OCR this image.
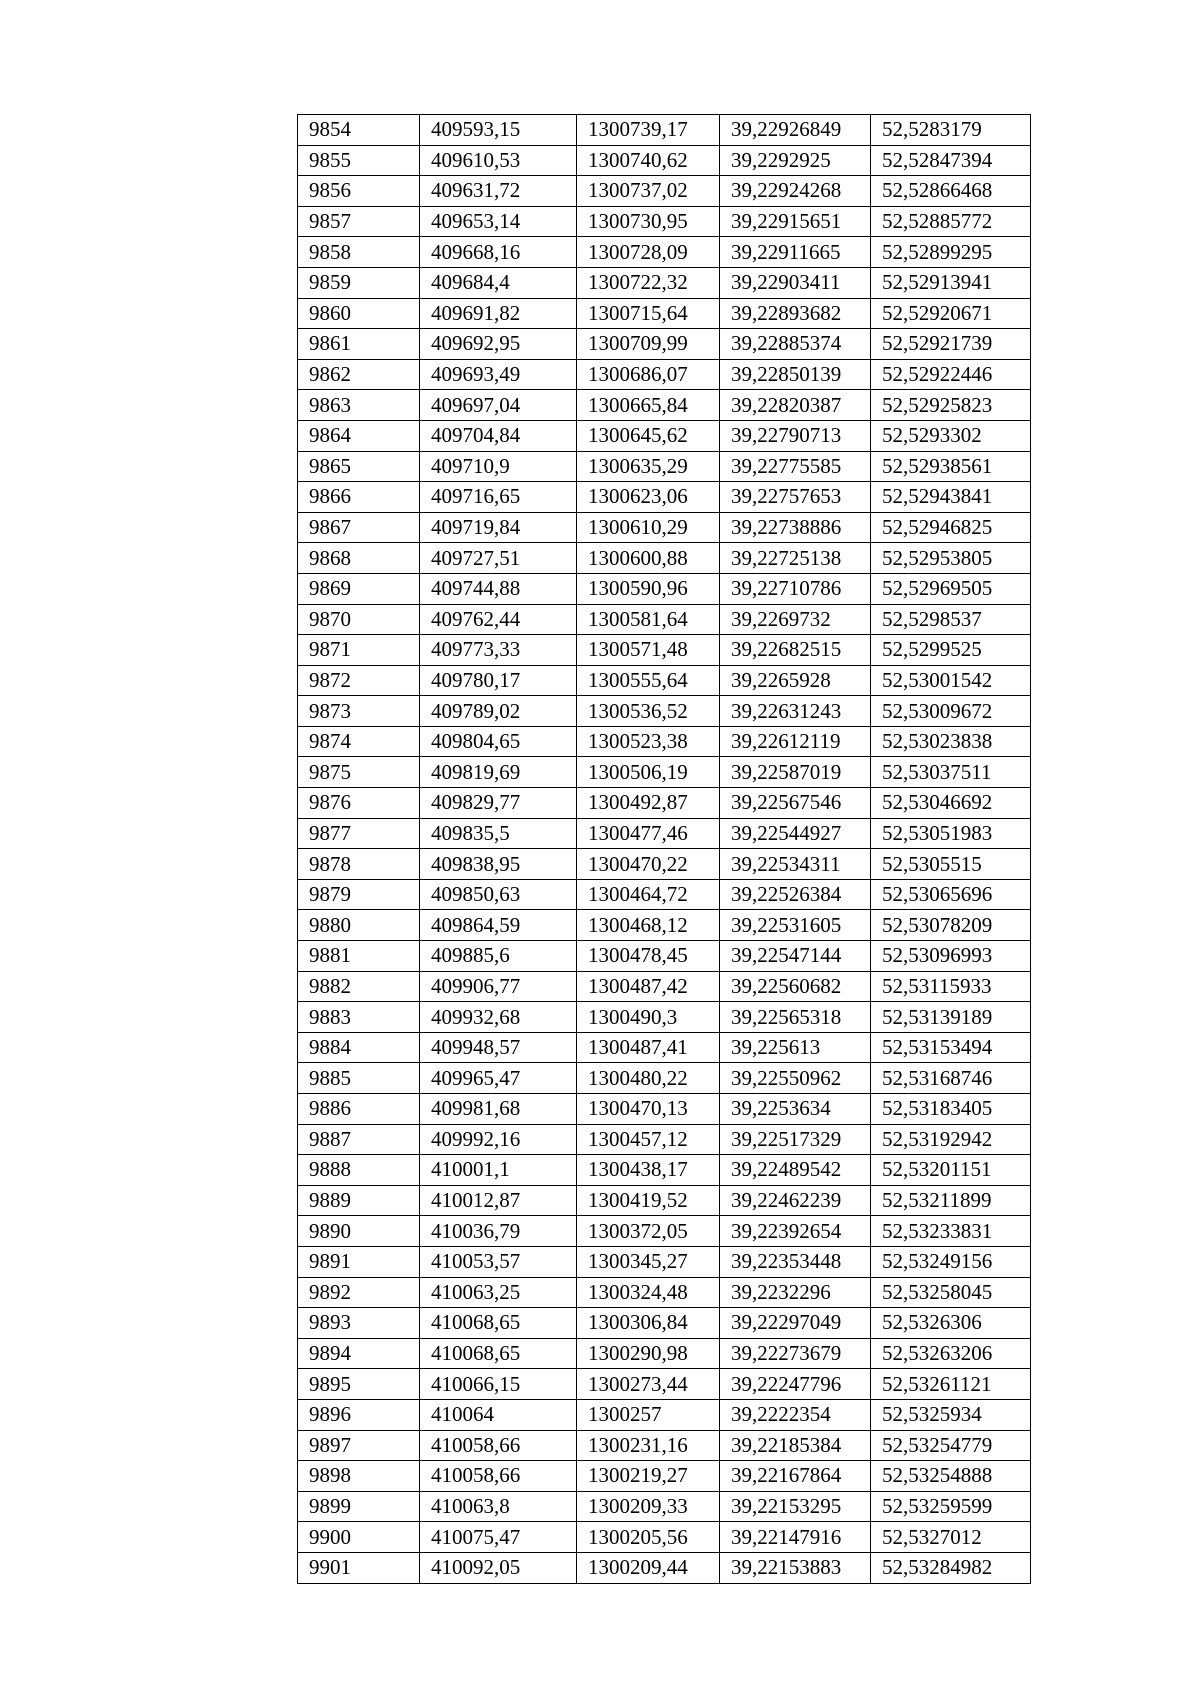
9854	409593,15	1300739,17	39,22926849	52,5283179
9855	409610,53	1300740,62	39,2292925	52,52847394
9856	409631,72	1300737,02	39,22924268	52,52866468
9857	409653,14	1300730,95	39,22915651	52,52885772
9858	409668,16	1300728,09	39,22911665	52,52899295
9859	409684,4	1300722,32	39,22903411	52,52913941
9860	409691,82	1300715,64	39,22893682	52,52920671
9861	409692,95	1300709,99	39,22885374	52,52921739
9862	409693,49	1300686,07	39,22850139	52,52922446
9863	409697,04	1300665,84	39,22820387	52,52925823
9864	409704,84	1300645,62	39,22790713	52,5293302
9865	409710,9	1300635,29	39,22775585	52,52938561
9866	409716,65	1300623,06	39,22757653	52,52943841
9867	409719,84	1300610,29	39,22738886	52,52946825
9868	409727,51	1300600,88	39,22725138	52,52953805
9869	409744,88	1300590,96	39,22710786	52,52969505
9870	409762,44	1300581,64	39,2269732	52,5298537
9871	409773,33	1300571,48	39,22682515	52,5299525
9872	409780,17	1300555,64	39,2265928	52,53001542
9873	409789,02	1300536,52	39,22631243	52,53009672
9874	409804,65	1300523,38	39,22612119	52,53023838
9875	409819,69	1300506,19	39,22587019	52,53037511
9876	409829,77	1300492,87	39,22567546	52,53046692
9877	409835,5	1300477,46	39,22544927	52,53051983
9878	409838,95	1300470,22	39,22534311	52,5305515
9879	409850,63	1300464,72	39,22526384	52,53065696
9880	409864,59	1300468,12	39,22531605	52,53078209
9881	409885,6	1300478,45	39,22547144	52,53096993
9882	409906,77	1300487,42	39,22560682	52,53115933
9883	409932,68	1300490,3	39,22565318	52,53139189
9884	409948,57	1300487,41	39,225613	52,53153494
9885	409965,47	1300480,22	39,22550962	52,53168746
9886	409981,68	1300470,13	39,2253634	52,53183405
9887	409992,16	1300457,12	39,22517329	52,53192942
9888	410001,1	1300438,17	39,22489542	52,53201151
9889	410012,87	1300419,52	39,22462239	52,53211899
9890	410036,79	1300372,05	39,22392654	52,53233831
9891	410053,57	1300345,27	39,22353448	52,53249156
9892	410063,25	1300324,48	39,2232296	52,53258045
9893	410068,65	1300306,84	39,22297049	52,5326306
9894	410068,65	1300290,98	39,22273679	52,53263206
9895	410066,15	1300273,44	39,22247796	52,53261121
9896	410064	1300257	39,2222354	52,5325934
9897	410058,66	1300231,16	39,22185384	52,53254779
9898	410058,66	1300219,27	39,22167864	52,53254888
9899	410063,8	1300209,33	39,22153295	52,53259599
9900	410075,47	1300205,56	39,22147916	52,5327012
9901	410092,05	1300209,44	39,22153883	52,53284982
